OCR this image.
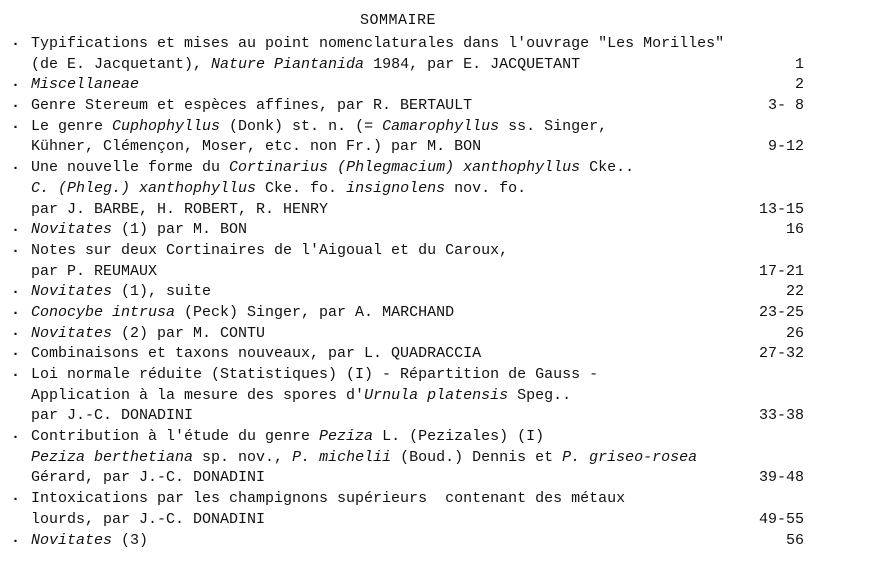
SOMMAIRE
. Typifications et mises au point nomenclaturales dans l'ouvrage "Les Morilles"
(de E. Jacquetant), Nature Piantanida 1984, par E. JACQUETANT	1
. Miscellaneae	2
. Genre Stereum et espèces affines, par R. BERTAULT	3- 8
. Le genre Cuphophyllus (Donk) st. n. (= Camarophyllus ss. Singer,
Kühner, Clémençon, Moser, etc. non Fr.) par M. BON	9-12
. Une nouvelle forme du Cortinarius (Phlegmacium) xanthophyllus Cke..
C. (Phleg.) xanthophyllus Cke. fo. insignolens nov. fo.
par J. BARBE, H. ROBERT, R. HENRY	13-15
. Novitates (1) par M. BON	16
. Notes sur deux Cortinaires de l'Aigoual et du Caroux,
par P. REUMAUX	17-21
. Novitates (1), suite	22
. Conocybe intrusa (Peck) Singer, par A. MARCHAND	23-25
. Novitates (2) par M. CONTU	26
. Combinaisons et taxons nouveaux, par L. QUADRACCIA	27-32
. Loi normale réduite (Statistiques) (I) - Répartition de Gauss -
Application à la mesure des spores d'Urnula platensis Speg..
par J.-C. DONADINI	33-38
. Contribution à l'étude du genre Peziza L. (Pezizales) (I)
Peziza berthetiana sp. nov., P. michelii (Boud.) Dennis et P. griseo-rosea
Gérard, par J.-C. DONADINI	39-48
. Intoxications par les champignons supérieurs  contenant des métaux
lourds, par J.-C. DONADINI	49-55
. Novitates (3)	56
